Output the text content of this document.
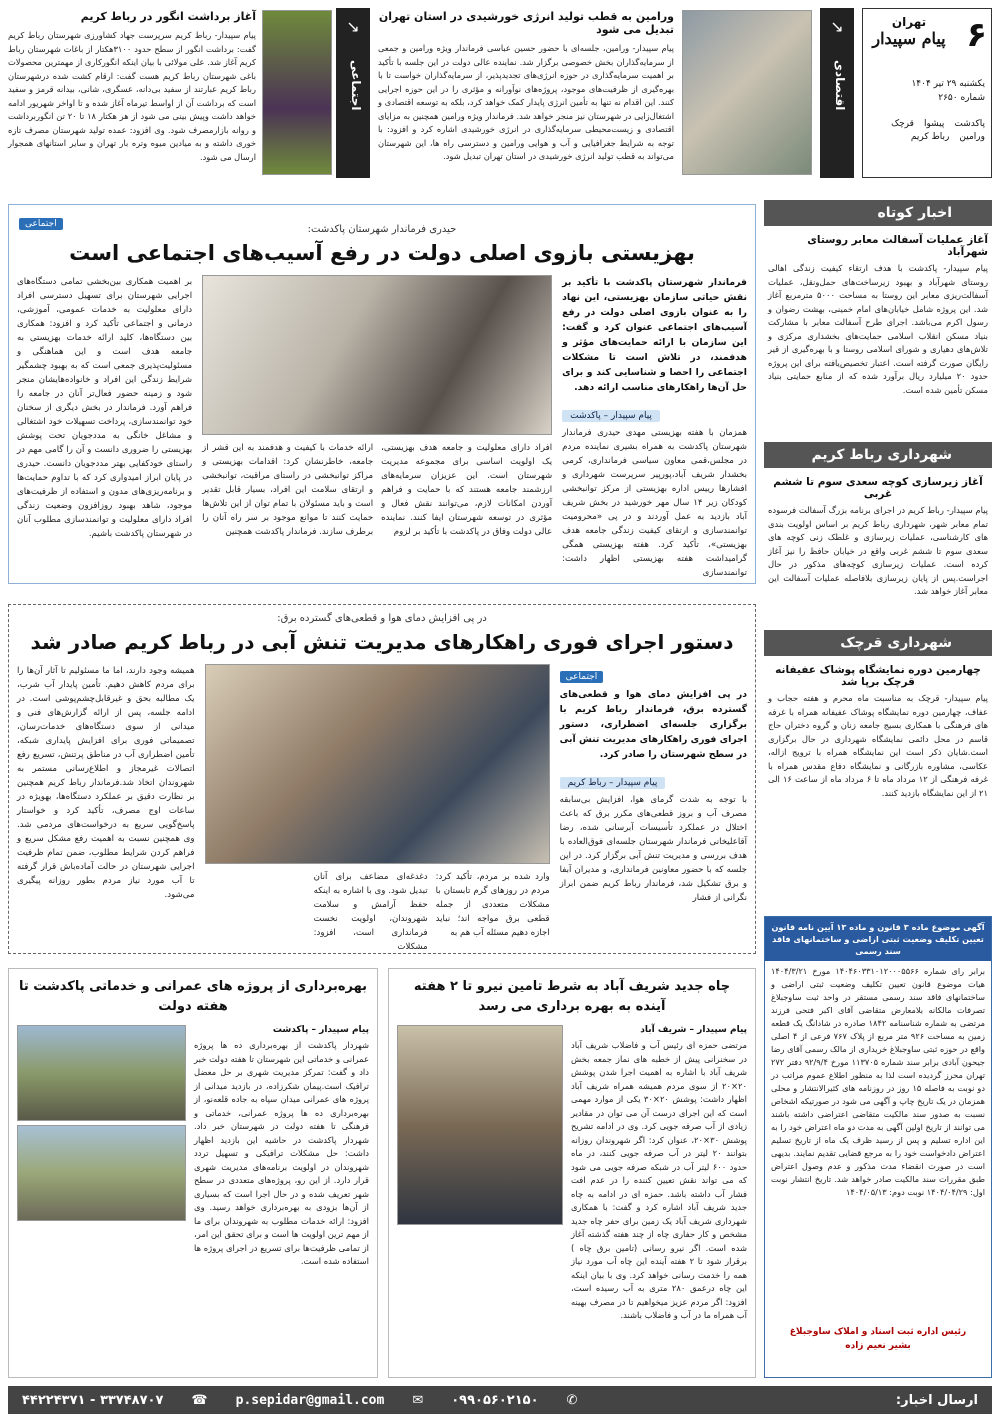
۶
تهران
پیام سپیدار
یکشنبه ۲۹ تیر ۱۴۰۴
شماره ۲۶۵۰
پاکدشت
پیشوا
قرچک
ورامین
رباط کریم
↘
اقتصادی
ورامین به قطب تولید انرژی خورشیدی در استان تهران تبدیل می شود
پیام سپیدار- ورامین، جلسه‌ای با حضور حسین عباسی فرماندار ویژه ورامین و جمعی از سرمایه‌گذاران بخش خصوصی برگزار شد. نماینده عالی دولت در این جلسه با تأکید بر اهمیت سرمایه‌گذاری در حوزه انرژی‌های تجدیدپذیر، از سرمایه‌گذاران خواست تا با بهره‌گیری از ظرفیت‌های موجود، پروژه‌های نوآورانه و مؤثری را در این حوزه اجرایی کنند. این اقدام نه تنها به تأمین انرژی پایدار کمک خواهد کرد، بلکه به توسعه اقتصادی و اشتغال‌زایی در شهرستان نیز منجر خواهد شد. فرماندار ویژه ورامین همچنین به مزایای اقتصادی و زیست‌محیطی سرمایه‌گذاری در انرژی خورشیدی اشاره کرد و افزود: با توجه به شرایط جغرافیایی و آب و هوایی ورامین و دسترسی راه ها، این شهرستان می‌تواند به قطب تولید انرژی خورشیدی در استان تهران تبدیل شود.
↘
اجتماعی
آغاز برداشت انگور در رباط کریم
پیام سپیدار- رباط کریم سرپرست جهاد کشاورزی شهرستان رباط کریم گفت: برداشت انگور از سطح حدود ۳۱۰۰هکتار از باغات شهرستان رباط کریم آغاز شد. علی مولائی با بیان اینکه انگورکاری از مهمترین محصولات باغی شهرستان رباط کریم هست گفت: ارقام کشت شده درشهرستان رباط کریم عبارتند از سفید بی‌دانه، عسگری، شانی، بیدانه قرمز و سفید است که برداشت آن از اواسط تیرماه آغاز شده و تا اواخر شهریور ادامه خواهد داشت وپیش بینی می شود از هر هکتار ۱۸ تا ۲۰ تن انگوربرداشت و روانه بازارمصرف شود. وی افزود: عمده تولید شهرستان مصرف تازه خوری داشته و به میادین میوه وتره بار تهران و سایر استانهای همجوار ارسال می شود.
اخبار کوتاه
آغاز عملیات آسفالت معابر روستای شهرآباد
پیام سپیدار- پاکدشت با هدف ارتقاء کیفیت زندگی اهالی روستای شهرآباد و بهبود زیرساخت‌های حمل‌ونقل، عملیات آسفالت‌ریزی معابر این روستا به مساحت ۵۰۰۰ مترمربع آغاز شد. این پروژه شامل خیابان‌های امام خمینی، بهشت رضوان و رسول اکرم می‌باشد. اجرای طرح آسفالت معابر با مشارکت بنیاد مسکن انقلاب اسلامی حمایت‌های بخشداری مرکزی و تلاش‌های دهیاری و شورای اسلامی روستا و با بهره‌گیری از قیر رایگان صورت گرفته است. اعتبار تخصیص‌یافته برای این پروژه حدود ۲۰ میلیارد ریال برآورد شده که از منابع حمایتی بنیاد مسکن تأمین شده است.
شهرداری رباط کریم
آغاز زیرسازی کوچه سعدی سوم تا ششم غربی
پیام سپیدار- رباط کریم در اجرای برنامه بزرگ آسفالت فرسوده تمام معابر شهر، شهرداری رباط کریم بر اساس اولویت بندی های کارشناسی، عملیات زیرسازی و غلطک زنی کوچه های سعدی سوم تا ششم غربی واقع در خیابان حافظ را نیز آغاز کرده است. عملیات زیرسازی کوچه‌های مذکور در حال اجراست.پس از پایان زیرسازی بلافاصله عملیات آسفالت این معابر آغاز خواهد شد.
شهرداری قرچک
چهارمین دوره نمایشگاه پوشاک عفیفانه قرچک برپا شد
پیام سپیدار- قرچک به مناسبت ماه محرم و هفته حجاب و عفاف، چهارمین دوره نمایشگاه پوشاک عفیفانه همراه با غرفه های فرهنگی با همکاری بسیج جامعه زنان و گروه دختران حاج قاسم در محل دائمی نمایشگاه شهرداری در حال برگزاری است.شایان ذکر است این نمایشگاه همراه با ترویج ازاله، عکاسی، مشاوره بازرگانی و نمایشگاه دفاع مقدس همراه با غرفه فرهنگی از ۱۲ مرداد ماه تا ۶ مرداد ماه از ساعت ۱۶ الی ۲۱ از این نمایشگاه بازدید کنند.
اجتماعی	حیدری فرماندار شهرستان پاکدشت:
بهزیستی بازوی اصلی دولت در رفع آسیب‌های اجتماعی است
فرماندار شهرستان پاکدشت با تأکید بر نقش حیاتی سازمان بهزیستی، این نهاد را به عنوان بازوی اصلی دولت در رفع آسیب‌های اجتماعی عنوان کرد و گفت: این سازمان با ارائه حمایت‌های مؤثر و هدفمند، در تلاش است تا مشکلات اجتماعی را احصا و شناسایی کند و برای حل آن‌ها راهکارهای مناسب ارائه دهد.
پیام سپیدار – پاکدشت
همزمان با هفته بهزیستی مهدی حیدری فرماندار شهرستان پاکدشت به همراه بشیری نماینده مردم در مجلس،قمی معاون سیاسی فرمانداری، کرمی بخشدار شریف آباد،پورپیر سرپرست شهرداری و افشارها رییس اداره بهزیستی از مرکز توانبخشی کودکان زیر ۱۴ سال مهر خورشید در بخش شریف آباد بازدید به عمل آوردند و در پی «محرومیت توانمندسازی و ارتقای کیفیت زندگی جامعه هدف بهزیستی»، تأکید کرد. هفته بهزیستی همگی گرامیداشت هفته بهزیستی اظهار داشت: توانمندسازی
افراد دارای معلولیت و جامعه هدف بهزیستی، یک اولویت اساسی برای مجموعه مدیریت شهرستان است. این عزیزان سرمایه‌های ارزشمند جامعه هستند که با حمایت و فراهم آوردن امکانات لازم، می‌توانند نقش فعال و مؤثری در توسعه شهرستان ایفا کنند. نماینده عالی دولت وفاق در پاکدشت با تأکید بر لزوم
ارائه خدمات با کیفیت و هدفمند به این قشر از جامعه، خاطرنشان کرد: اقدامات بهزیستی و مراکز توانبخشی در راستای مراقبت، توانبخشی و ارتقای سلامت این افراد، بسیار قابل تقدیر است و باید مسئولان با تمام توان از این تلاش‌ها حمایت کنند تا موانع موجود بر سر راه آنان را برطرف سازند. فرماندار پاکدشت همچنین
بر اهمیت همکاری بین‌بخشی تمامی دستگاه‌های اجرایی شهرستان برای تسهیل دسترسی افراد دارای معلولیت به خدمات عمومی، آموزشی، درمانی و اجتماعی تأکید کرد و افزود: همکاری بین دستگاه‌ها، کلید ارائه خدمات بهزیستی به جامعه هدف است و این هماهنگی و مسئولیت‌پذیری جمعی است که به بهبود چشمگیر شرایط زندگی این افراد و خانواده‌هایشان منجر شود و زمینه حضور فعال‌تر آنان در جامعه را فراهم آورد. فرماندار در بخش دیگری از سخنان خود توانمندسازی، پرداخت تسهیلات خود اشتغالی و مشاغل خانگی به مددجویان تحت پوشش بهزیستی را ضروری دانست و آن را گامی مهم در راستای خودکفایی بهتر مددجویان دانست. حیدری در پایان ابراز امیدواری کرد که با تداوم حمایت‌ها و برنامه‌ریزی‌های مدون و استفاده از ظرفیت‌های موجود، شاهد بهبود روزافزون وضعیت زندگی افراد دارای معلولیت و توانمندسازی مطلوب آنان در شهرستان پاکدشت باشیم.
در پی افزایش دمای هوا و قطعی‌های گسترده برق:
دستور اجرای فوری راهکارهای مدیریت تنش آبی در رباط کریم صادر شد
اجتماعی
در پی افزایش دمای هوا و قطعی‌های گسترده برق، فرماندار رباط کریم با برگزاری جلسه‌ای اضطراری، دستور اجرای فوری راهکارهای مدیریت تنش آبی در سطح شهرستان را صادر کرد.
پیام سپیدار – رباط کریم
با توجه به شدت گرمای هوا، افزایش بی‌سابقه مصرف آب و بروز قطعی‌های مکرر برق که باعث اختلال در عملکرد تأسیسات آبرسانی شده، رضا آقاعلیخانی فرماندار شهرستان جلسه‌ای فوق‌العاده با هدف بررسی و مدیریت تنش آبی برگزار کرد. در این جلسه که با حضور معاونین فرمانداری، و مدیران آبفا و برق تشکیل شد، فرماندار رباط کریم ضمن ابراز نگرانی از فشار
وارد شده بر مردم، تأکید کرد: مردم در روزهای گرم تابستان با مشکلات متعددی از جمله قطعی برق مواجه اند؛ نباید اجازه دهیم مسئله آب هم به
دغدغه‌ای مضاعف برای آنان تبدیل شود. وی با اشاره به اینکه حفظ آرامش و سلامت شهروندان، اولویت نخست فرمانداری است، افزود: مشکلات
همیشه وجود دارند، اما ما مسئولیم تا آثار آن‌ها را برای مردم کاهش دهیم. تأمین پایدار آب شرب، یک مطالبه بحق و غیرقابل‌چشم‌پوشی است. در ادامه جلسه، پس از ارائه گزارش‌های فنی و میدانی از سوی دستگاه‌های خدمات‌رسان، تصمیماتی فوری برای افزایش پایداری شبکه، تأمین اضطراری آب در مناطق پرتنش، تسریع رفع اتصالات غیرمجاز و اطلاع‌رسانی مستمر به شهروندان اتخاذ شد.فرماندار رباط کریم همچنین بر نظارت دقیق بر عملکرد دستگاه‌ها، بهویژه در ساعات اوج مصرف، تأکید کرد و خواستار پاسخ‌گویی سریع به درخواست‌های مردمی شد. وی همچنین نسبت به اهمیت رفع مشکل سریع و فراهم کردن شرایط مطلوب، ضمن تمام ظرفیت اجرایی شهرستان در حالت آماده‌باش قرار گرفته تا آب مورد نیاز مردم بطور روزانه پیگیری می‌شود.
آگهی موضوع ماده ۳ قانون و ماده ۱۳ آیین نامه قانون تعیین تکلیف وضعیت ثبتی اراضی و ساختمانهای فاقد سند رسمی
برابر رای شماره ۱۴۰۴۶۰۳۳۱۰۱۲۰۰۰۵۵۶۶ مورخ ۱۴۰۴/۳/۲۱ هیات موضوع قانون تعیین تکلیف وضعیت ثبتی اراضی و ساختمانهای فاقد سند رسمی مستقر در واحد ثبت ساوجبلاغ تصرفات مالکانه بلامعارض متقاضی آقای اکبر فتحی فرزند مرتضی به شماره شناسنامه ۱۸۴۲ صادره در شادانگ یک قطعه زمین به مساحت ۹۲۶ متر مربع از پلاک ۷۶۷ فرعی از ۴ اصلی واقع در حوزه ثبتی ساوجبلاغ خریداری از مالک رسمی آقای رضا جیحون آبادی برابر سند شماره ۱۱۳۷۰۵ مورخ ۹۲/۹/۴ دفتر ۲۷۲ تهران محرز گردیده است لذا به منظور اطلاع عموم مراتب در دو نوبت به فاصله ۱۵ روز در روزنامه های کثیرالانتشار و محلی همزمان در یک تاریخ چاپ و آگهی می شود در صورتیکه اشخاص نسبت به صدور سند مالکیت متقاضی اعتراضی داشته باشند می توانند از تاریخ اولین آگهی به مدت دو ماه اعتراض خود را به این اداره تسلیم و پس از رسید ظرف یک ماه از تاریخ تسلیم اعتراض دادخواست خود را به مرجع قضایی تقدیم نمایند. بدیهی است در صورت انقضاء مدت مذکور و عدم وصول اعتراض طبق مقررات سند مالکیت صادر خواهد شد. تاریخ انتشار نوبت اول: ۱۴۰۴/۰۴/۲۹ نوبت دوم: ۱۴۰۴/۰۵/۱۳
رئیس اداره ثبت اسناد و املاک ساوجبلاغ
بشیر نعیم زاده
چاه جدید شریف آباد به شرط تامین نیرو تا ۲ هفته آینده به بهره برداری می رسد
پیام سپیدار – شریف آباد
مرتضی حمزه ای رئیس آب و فاضلاب شریف آباد در سخنرانی پیش از خطبه های نماز جمعه بخش شریف آباد با اشاره به اهمیت اجرا شدن پوشش ۲۰×۲۰ از سوی مردم همیشه همراه شریف آباد اظهار داشت: پوشش ۲۰×۳۰ یکی از موارد مهمی است که این اجرای درست آن می توان در مقادیر زیادی از آب صرفه جویی کرد. وی در ادامه تشریح پوشش ۳۰×۲۰، عنوان کرد: اگر شهروندان روزانه بتوانند ۲۰ لیتر در آب صرفه جویی کنند، در ماه حدود ۶۰۰ لیتر آب در شبکه صرفه جویی می شود که می تواند نقش تعیین کننده را در عدم افت فشار آب داشته باشد. حمزه ای در ادامه به چاه جدید شریف آباد اشاره کرد و گفت: با همکاری شهرداری شریف آباد یک زمین برای حفر چاه جدید مشخص و کار حفاری چاه از چند هفته گذشته آغاز شده است. اگر نیرو رسانی (تامین برق چاه ) برقرار شود تا ۲ هفته آینده این چاه آب مورد نیاز همه را خدمت رسانی خواهد کرد. وی با بیان اینکه این چاه درعمق ۲۸۰ متری به آب رسیده است، افزود: اگر مردم عزیز میخواهیم تا در مصرف بهینه آب همراه ما در آب و فاضلاب باشند.
بهره‌برداری از پروژه های عمرانی و خدماتی پاکدشت تا هفته دولت
پیام سپیدار – پاکدشت
شهردار پاکدشت از بهره‌برداری ده ها پروژه عمرانی و خدماتی این شهرستان تا هفته دولت خبر داد و گفت: تمرکز مدیریت شهری بر حل معضل ترافیک است.پیمان شکرزاده، در بازدید میدانی از پروژه های عمرانی میدان سپاه به جاده قلعه‌نو، از بهره‌برداری ده ها پروژه عمرانی، خدماتی و فرهنگی تا هفته دولت در شهرستان خبر داد. شهردار پاکدشت در حاشیه این بازدید اظهار داشت: حل مشکلات ترافیکی و تسهیل تردد شهروندان در اولویت برنامه‌های مدیریت شهری قرار دارد. از این رو، پروژه‌های متعددی در سطح شهر تعریف شده و در حال اجرا است که بسیاری از آن‌ها بزودی به بهره‌برداری خواهد رسید. وی افزود: ارائه خدمات مطلوب به شهروندان برای ما از مهم ترین اولویت ها است و برای تحقق این امر، از تمامی ظرفیت‌ها برای تسریع در اجرای پروژه ها استفاده شده است.
ارسال اخبار:
✆
۰۹۹۰۵۶۰۲۱۵۰
✉
p.sepidar@gmail.com
☎
۳۳۷۴۸۷۰۷ - ۴۴۲۲۴۳۷۱
